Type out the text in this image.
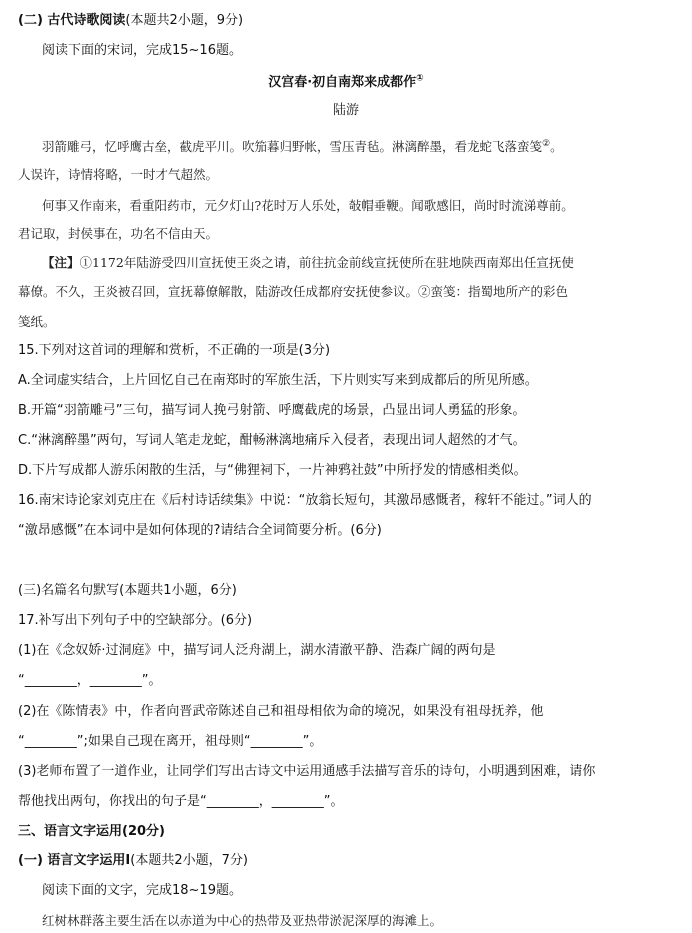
(二) 古代诗歌阅读(本题共2小题，9分)
阅读下面的宋词，完成15~16题。
汉宫春·初自南郑来成都作①
陆游
羽箭雕弓，忆呼鹰古垒，截虎平川。吹笳暮归野帐，雪压青毡。淋漓醉墨，看龙蛇飞落蛮笺②。
人误许，诗情将略，一时才气超然。
何事又作南来，看重阳药市，元夕灯山?花时万人乐处，敧帽垂鞭。闻歌感旧，尚时时流涕尊前。
君记取，封侯事在，功名不信由天。
【注】①1172年陆游受四川宣抚使王炎之请，前往抗金前线宣抚使所在驻地陕西南郑出任宣抚使
幕僚。不久，王炎被召回，宣抚幕僚解散，陆游改任成都府安抚使参议。②蛮笺：指蜀地所产的彩色
笺纸。
15.下列对这首词的理解和赏析，不正确的一项是(3分)
A.全词虚实结合，上片回忆自己在南郑时的军旅生活，下片则实写来到成都后的所见所感。
B.开篇“羽箭雕弓”三句，描写词人挽弓射箭、呼鹰截虎的场景，凸显出词人勇猛的形象。
C.“淋漓醉墨”两句，写词人笔走龙蛇，酣畅淋漓地痛斥入侵者，表现出词人超然的才气。
D.下片写成都人游乐闲散的生活，与“佛狸祠下，一片神鸦社鼓”中所抒发的情感相类似。
16.南宋诗论家刘克庄在《后村诗话续集》中说：“放翁长短句，其激昂感慨者，稼轩不能过。”词人的
“激昂感慨”在本词中是如何体现的?请结合全词简要分析。(6分)
(三)名篇名句默写(本题共1小题，6分)
17.补写出下列句子中的空缺部分。(6分)
(1)在《念奴娇·过洞庭》中，描写词人泛舟湖上，湖水清澈平静、浩森广阔的两句是
“________，________”。
(2)在《陈情表》中，作者向晋武帝陈述自己和祖母相依为命的境况，如果没有祖母抚养，他
“________”;如果自己现在离开，祖母则“________”。
(3)老师布置了一道作业，让同学们写出古诗文中运用通感手法描写音乐的诗句，小明遇到困难，请你
帮他找出两句，你找出的句子是“________，________”。
三、语言文字运用(20分)
(一) 语言文字运用Ⅰ(本题共2小题，7分)
阅读下面的文字，完成18~19题。
红树林群落主要生活在以赤道为中心的热带及亚热带淤泥深厚的海滩上。
